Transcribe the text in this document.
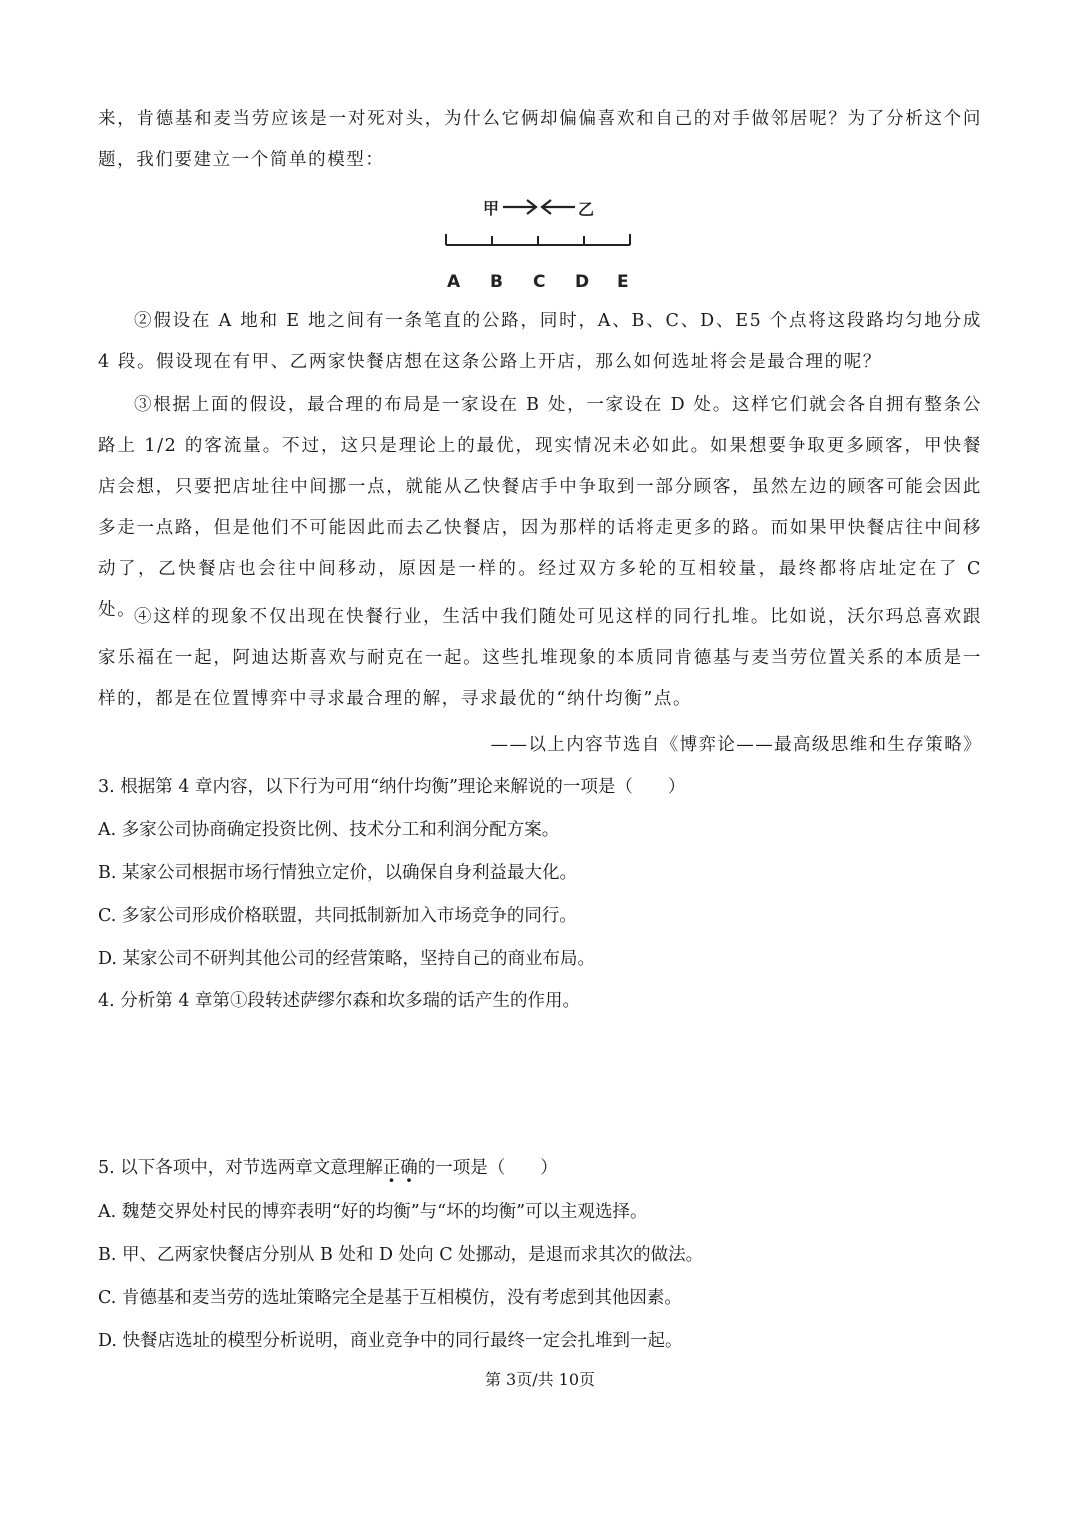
来，肯德基和麦当劳应该是一对死对头，为什么它俩却偏偏喜欢和自己的对手做邻居呢？为了分析这个问题，我们要建立一个简单的模型：

甲	乙
A B C D E

②假设在 A 地和 E 地之间有一条笔直的公路，同时，A、B、C、D、E5 个点将这段路均匀地分成 4 段。假设现在有甲、乙两家快餐店想在这条公路上开店，那么如何选址将会是最合理的呢？

③根据上面的假设，最合理的布局是一家设在 B 处，一家设在 D 处。这样它们就会各自拥有整条公路上 1/2 的客流量。不过，这只是理论上的最优，现实情况未必如此。如果想要争取更多顾客，甲快餐店会想，只要把店址往中间挪一点，就能从乙快餐店手中争取到一部分顾客，虽然左边的顾客可能会因此多走一点路，但是他们不可能因此而去乙快餐店，因为那样的话将走更多的路。而如果甲快餐店往中间移动了，乙快餐店也会往中间移动，原因是一样的。经过双方多轮的互相较量，最终都将店址定在了 C 处。

④这样的现象不仅出现在快餐行业，生活中我们随处可见这样的同行扎堆。比如说，沃尔玛总喜欢跟家乐福在一起，阿迪达斯喜欢与耐克在一起。这些扎堆现象的本质同肯德基与麦当劳位置关系的本质是一样的，都是在位置博弈中寻求最合理的解，寻求最优的“纳什均衡”点。

——以上内容节选自《博弈论——最高级思维和生存策略》
3. 根据第 4 章内容，以下行为可用“纳什均衡”理论来解说的一项是（　　）
A. 多家公司协商确定投资比例、技术分工和利润分配方案。
B. 某家公司根据市场行情独立定价，以确保自身利益最大化。
C. 多家公司形成价格联盟，共同抵制新加入市场竞争的同行。
D. 某家公司不研判其他公司的经营策略，坚持自己的商业布局。
4. 分析第 4 章第①段转述萨缪尔森和坎多瑞的话产生的作用。
5. 以下各项中，对节选两章文意理解正确的一项是（　　）
A. 魏楚交界处村民的博弈表明“好的均衡”与“坏的均衡”可以主观选择。
B. 甲、乙两家快餐店分别从 B 处和 D 处向 C 处挪动，是退而求其次的做法。
C. 肯德基和麦当劳的选址策略完全是基于互相模仿，没有考虑到其他因素。
D. 快餐店选址的模型分析说明，商业竞争中的同行最终一定会扎堆到一起。
第 3页/共 10页
